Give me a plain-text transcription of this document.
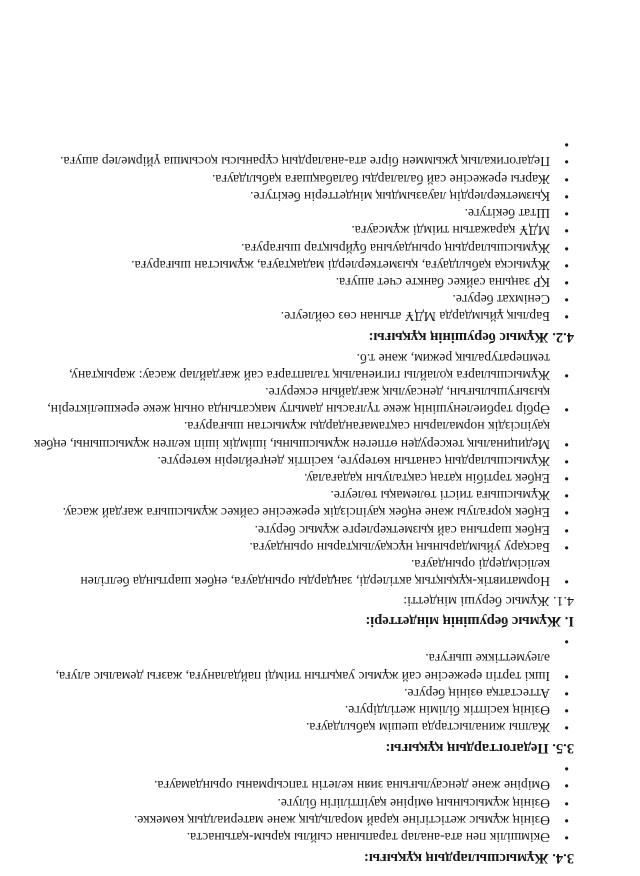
3.4. Жұмысшылардың құқығы:
• Әкімшілік пен ата-аналар тарапынан сыйлы қарым-қатынаста.
• Өзінің жұмыс жетістігіне қарай моральдық және материалдық көмекке.
• Өзінің жұмысының өміріне қауіптілігін білуге.
• Өмірінe және денсаулығына зиян келетін тапсырманы орындамауға.
•
3.5. Педагогтардың құқығы:
• Жалпы жиналыстарда шешім қабылдауға.
• Өзінің кәсіптік білімін жетілдіруге.
• Аттестатқа өзінің беруге.
• Ішкі тәртіп ережесіне сай жұмыс уақытын тиімді пайдалануға, жазғы демалыс алуға, әлеуметтікке шығуға.
•
I. Жұмыс берушінің міндеттері:
4.1. Жұмыс беруші міндетті:
• Нормативтік-құқықтық актілерді, заңдарды орындауға, еңбек шартында белгілен келісімдерді орындауға.
• Басқару уйымдарының нұсқаулықтарын орындауға.
• Еңбек шартына сай қызметкерлерге жұмыс беруге.
• Еңбек қорғалуы және еңбек қауіпсіздік ережесіне сәйкес жұмысшыға жағдай жасау.
• Жұмысшыға тиісті төлемақы төлеуге.
• Еңбек тәртібін қатаң сақталуын қадағалау.
• Жұмысшылардың санатын көтеруге, кәсіптік деңгейлерін көтеруге.
• Медициналық тексеруден өтпеген жұмысшыны, ішімдік ішіп келген жұмысшыны, еңбек қауіпсіздік нормаларын сақтамағандарды жұмыстан шығаруға.
• Әрбір тәрбиеленушінің жеке түлғасын дамыту мақсатында оның жеке ерекшеліктерін, қызығушылығын, денсаулық жағдайын ескеруге.
• Жұмысшыларға қолайлы гигиеналық талаптарға сай жағдайлар жасау: жарықтану, температуралық режим, және т.б.
4.2. Жұмыс берушінің құқығы:
• Барлық ұйымдарда МДҰ атынан сөз сөйлеуге.
• Сенімхат беруге.
• ҚР заңына сәйкес банкте счет ашуға.
• Жұмысқа қабылдауға, қызметкерлерді мадақтауға, жұмыстан шығаруға.
• Жұмысшылардың орындауына бұйрықтар шығаруға.
• МДҰ қаражатын тиімді жұмсауға.
• Штат бекітуге.
• Қызметкерлердің лауазымдық міндеттерін бекітуге.
• Жарғы ережесіне сай балаларды балабақшаға қабылдауға.
• Педагогикалық ұжыммен бірге ата-аналардың сұранысы қосымша үйірмелер ашуға.
•
